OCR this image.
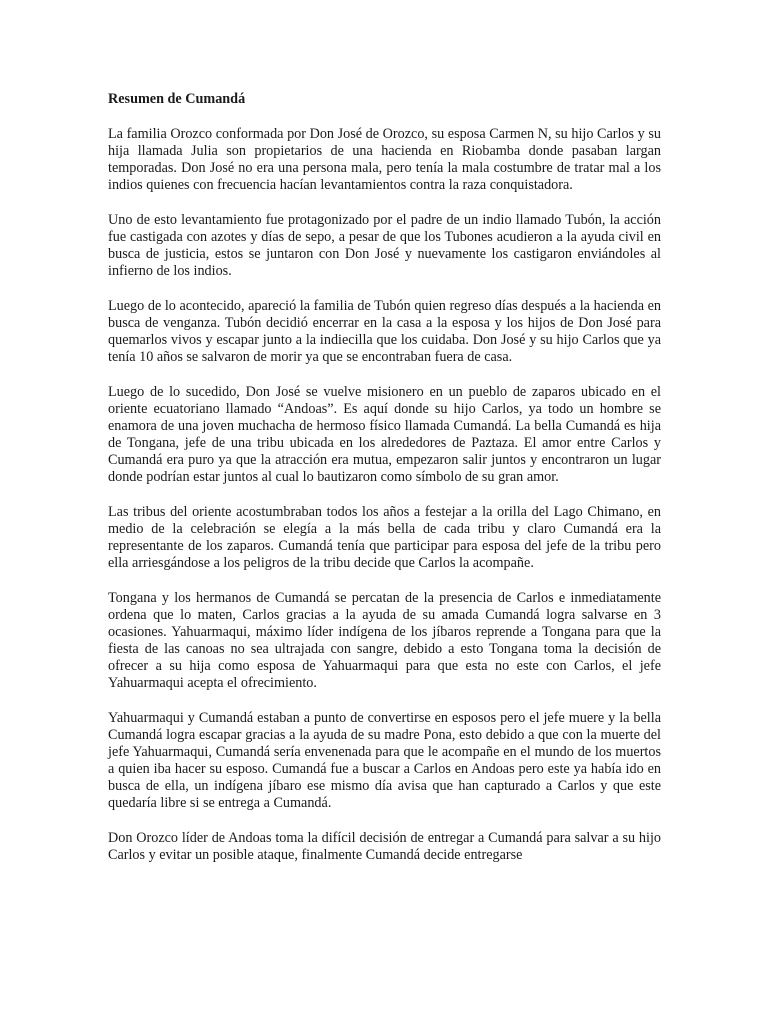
Resumen de Cumandá

La familia Orozco conformada por Don José de Orozco, su esposa Carmen N, su hijo Carlos y su hija llamada Julia son propietarios de una hacienda en Riobamba donde pasaban largan temporadas. Don José no era una persona mala, pero tenía la mala costumbre de tratar mal a los indios quienes con frecuencia hacían levantamientos contra la raza conquistadora.

Uno de esto levantamiento fue protagonizado por el padre de un indio llamado Tubón, la acción fue castigada con azotes y días de sepo, a pesar de que los Tubones acudieron a la ayuda civil en busca de justicia, estos se juntaron con Don José y nuevamente los castigaron enviándoles al infierno de los indios.

Luego de lo acontecido, apareció la familia de Tubón quien regreso días después a la hacienda en busca de venganza. Tubón decidió encerrar en la casa a la esposa y los hijos de Don José para quemarlos vivos y escapar junto a la indiecilla que los cuidaba. Don José y su hijo Carlos que ya tenía 10 años se salvaron de morir ya que se encontraban fuera de casa.

Luego de lo sucedido, Don José se vuelve misionero en un pueblo de zaparos ubicado en el oriente ecuatoriano llamado “Andoas”. Es aquí donde su hijo Carlos, ya todo un hombre se enamora de una joven muchacha de hermoso físico llamada Cumandá. La bella Cumandá es hija de Tongana, jefe de una tribu ubicada en los alrededores de Paztaza. El amor entre Carlos y Cumandá era puro ya que la atracción era mutua, empezaron salir juntos y encontraron un lugar donde podrían estar juntos al cual lo bautizaron como símbolo de su gran amor.

Las tribus del oriente acostumbraban todos los años a festejar a la orilla del Lago Chimano, en medio de la celebración se elegía a la más bella de cada tribu y claro Cumandá era la representante de los zaparos. Cumandá tenía que participar para esposa del jefe de la tribu pero ella arriesgándose a los peligros de la tribu decide que Carlos la acompañe.

Tongana y los hermanos de Cumandá se percatan de la presencia de Carlos e inmediatamente ordena que lo maten, Carlos gracias a la ayuda de su amada Cumandá logra salvarse en 3 ocasiones. Yahuarmaqui, máximo líder indígena de los jíbaros reprende a Tongana para que la fiesta de las canoas no sea ultrajada con sangre, debido a esto Tongana toma la decisión de ofrecer a su hija como esposa de Yahuarmaqui para que esta no este con Carlos, el jefe Yahuarmaqui acepta el ofrecimiento.

Yahuarmaqui y Cumandá estaban a punto de convertirse en esposos pero el jefe muere y la bella Cumandá logra escapar gracias a la ayuda de su madre Pona, esto debido a que con la muerte del jefe Yahuarmaqui, Cumandá sería envenenada para que le acompañe en el mundo de los muertos a quien iba hacer su esposo. Cumandá fue a buscar a Carlos en Andoas pero este ya había ido en busca de ella, un indígena jíbaro ese mismo día avisa que han capturado a Carlos y que este quedaría libre si se entrega a Cumandá.

Don Orozco líder de Andoas toma la difícil decisión de entregar a Cumandá para salvar a su hijo Carlos y evitar un posible ataque, finalmente Cumandá decide entregarse
